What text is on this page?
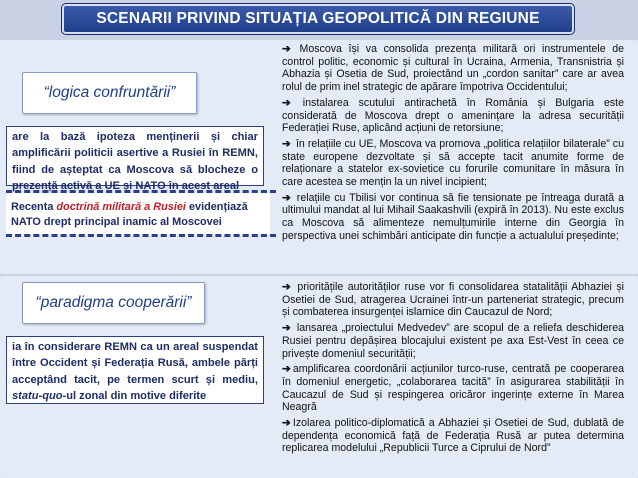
SCENARII PRIVIND SITUAȚIA GEOPOLITICĂ DIN REGIUNE
“logica confruntării”
are la bază ipoteza menținerii și chiar amplificării politicii asertive a Rusiei în REMN, fiind de așteptat ca Moscova să blocheze o prezență activă a UE și NATO în acest areal
Recenta doctrină militară a Rusiei evidențiază NATO drept principal inamic al Moscovei

➔ Moscova își va consolida prezența militară ori instrumentele de control politic, economic și cultural în Ucraina, Armenia, Transnistria și Abhazia și Osetia de Sud, proiectând un „cordon sanitar” care ar avea rolul de prim inel strategic de apărare împotriva Occidentului;

➔ instalarea scutului antirachetă în România și Bulgaria este considerată de Moscova drept o amenințare la adresa securității Federației Ruse, aplicând acțiuni de retorsiune;

➔ în relațiile cu UE, Moscova va promova „politica relațiilor bilaterale” cu state europene dezvoltate și să accepte tacit anumite forme de relaționare a statelor ex-sovietice cu forurile comunitare în măsura în care acestea se mențin la un nivel incipient;

➔ relațiile cu Tbilisi vor continua să fie tensionate pe întreaga durată a ultimului mandat al lui Mihail Saakashvili (expiră în 2013). Nu este exclus ca Moscova să alimenteze nemulțumirile interne din Georgia în perspectiva unei schimbări anticipate din funcție a actualului președinte;

“paradigma cooperării”
ia în considerare REMN ca un areal suspendat între Occident și Federația Rusă, ambele părți acceptând tacit, pe termen scurt și mediu, statu-quo-ul zonal din motive diferite

➔ prioritățile autorităților ruse vor fi consolidarea statalității Abhaziei și Osetiei de Sud, atragerea Ucrainei într-un parteneriat strategic, precum și combaterea insurgenței islamice din Caucazul de Nord;

➔ lansarea „proiectului Medvedev” are scopul de a reliefa deschiderea Rusiei pentru depășirea blocajului existent pe axa Est-Vest în ceea ce privește domeniul securității;

➔ amplificarea coordonării acțiunilor turco-ruse, centrată pe cooperarea în domeniul energetic, „colaborarea tacită” în asigurarea stabilității în Caucazul de Sud și respingerea oricăror ingerințe externe în Marea Neagră

➔ Izolarea politico-diplomatică a Abhaziei și Osetiei de Sud, dublată de dependența economică față de Federația Rusă ar putea determina replicarea modelului „Republicii Turce a Ciprului de Nord”
